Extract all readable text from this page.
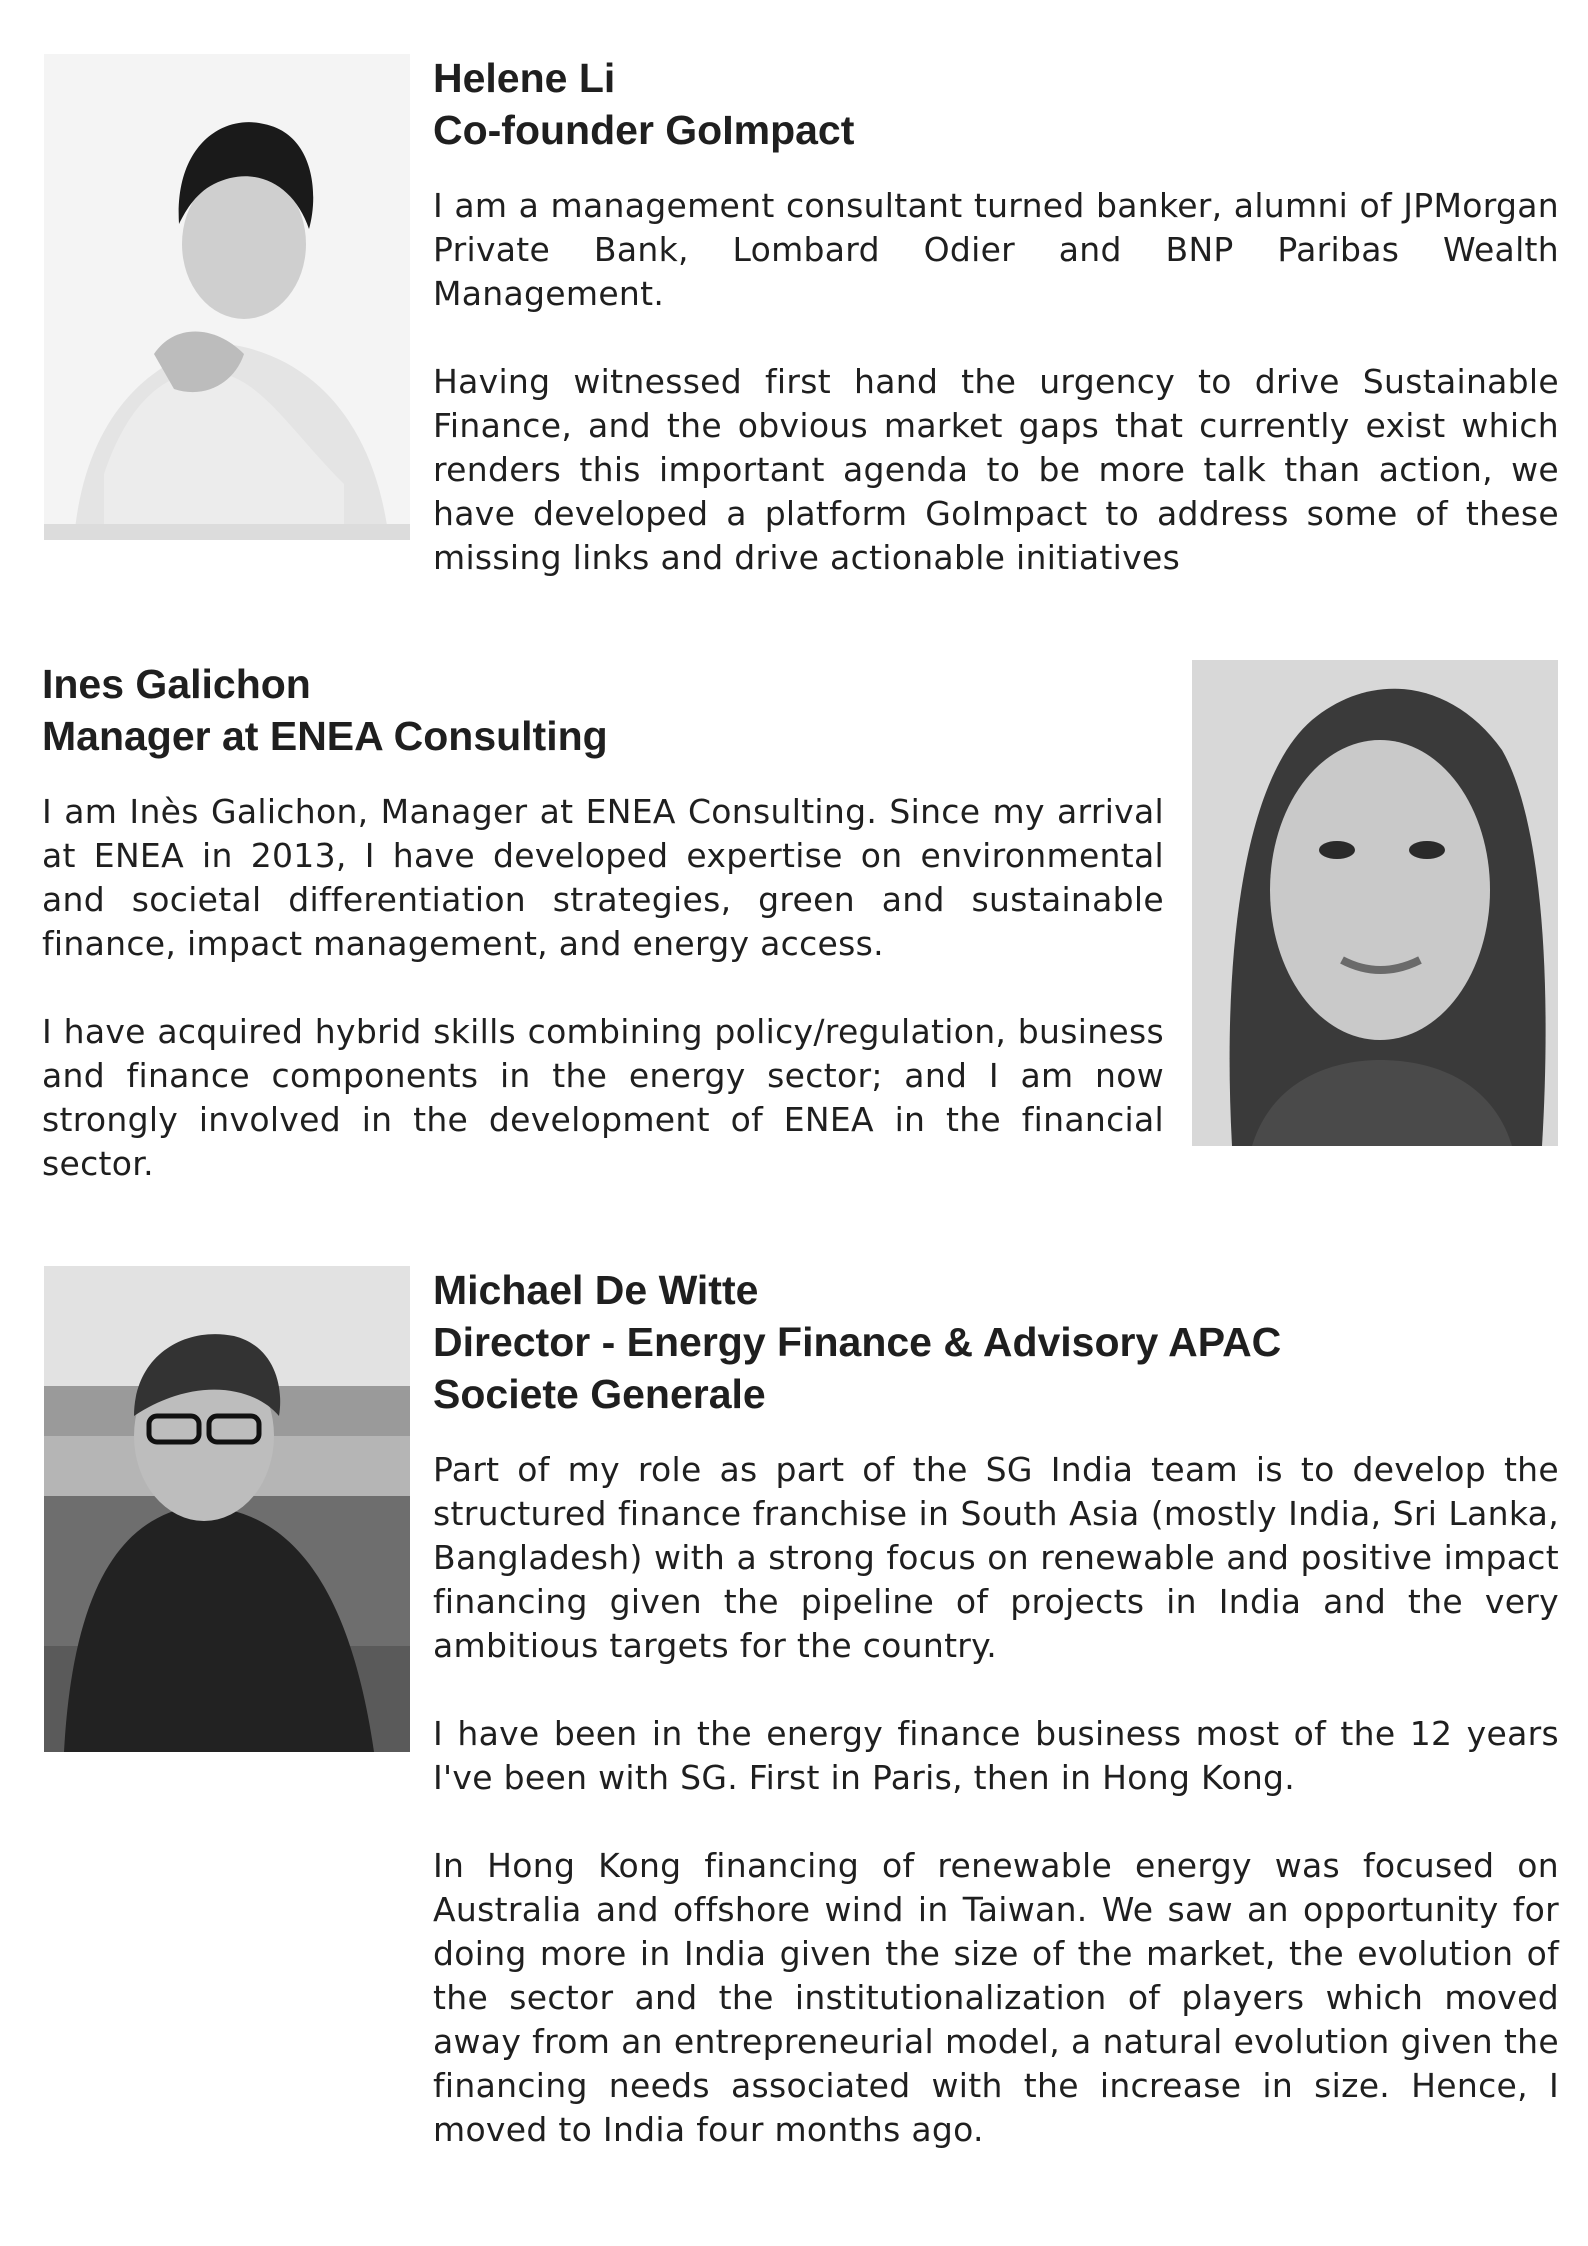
Helene Li

Co-founder GoImpact

I am a management consultant turned banker, alumni of JPMorgan Private Bank, Lombard Odier and BNP Paribas Wealth Management.

Having witnessed first hand the urgency to drive Sustainable Finance, and the obvious market gaps that currently exist which renders this important agenda to be more talk than action, we have developed a platform GoImpact to address some of these missing links and drive actionable initiatives

Ines Galichon

Manager at ENEA Consulting

I am Inès Galichon, Manager at ENEA Consulting. Since my arrival at ENEA in 2013, I have developed expertise on environmental and societal differentiation strategies, green and sustainable finance, impact management, and energy access.

I have acquired hybrid skills combining policy/regulation, business and finance components in the energy sector; and I am now strongly involved in the development of ENEA in the financial sector.

Michael De Witte

Director - Energy Finance & Advisory APAC

Societe Generale

Part of my role as part of the SG India team is to develop the structured finance franchise in South Asia (mostly India, Sri Lanka, Bangladesh) with a strong focus on renewable and positive impact financing given the pipeline of projects in India and the very ambitious targets for the country.

I have been in the energy finance business most of the 12 years I've been with SG. First in Paris, then in Hong Kong.

In Hong Kong financing of renewable energy was focused on Australia and offshore wind in Taiwan. We saw an opportunity for doing more in India given the size of the market, the evolution of the sector and the institutionalization of players which moved away from an entrepreneurial model, a natural evolution given the financing needs associated with the increase in size. Hence, I moved to India four months ago.
